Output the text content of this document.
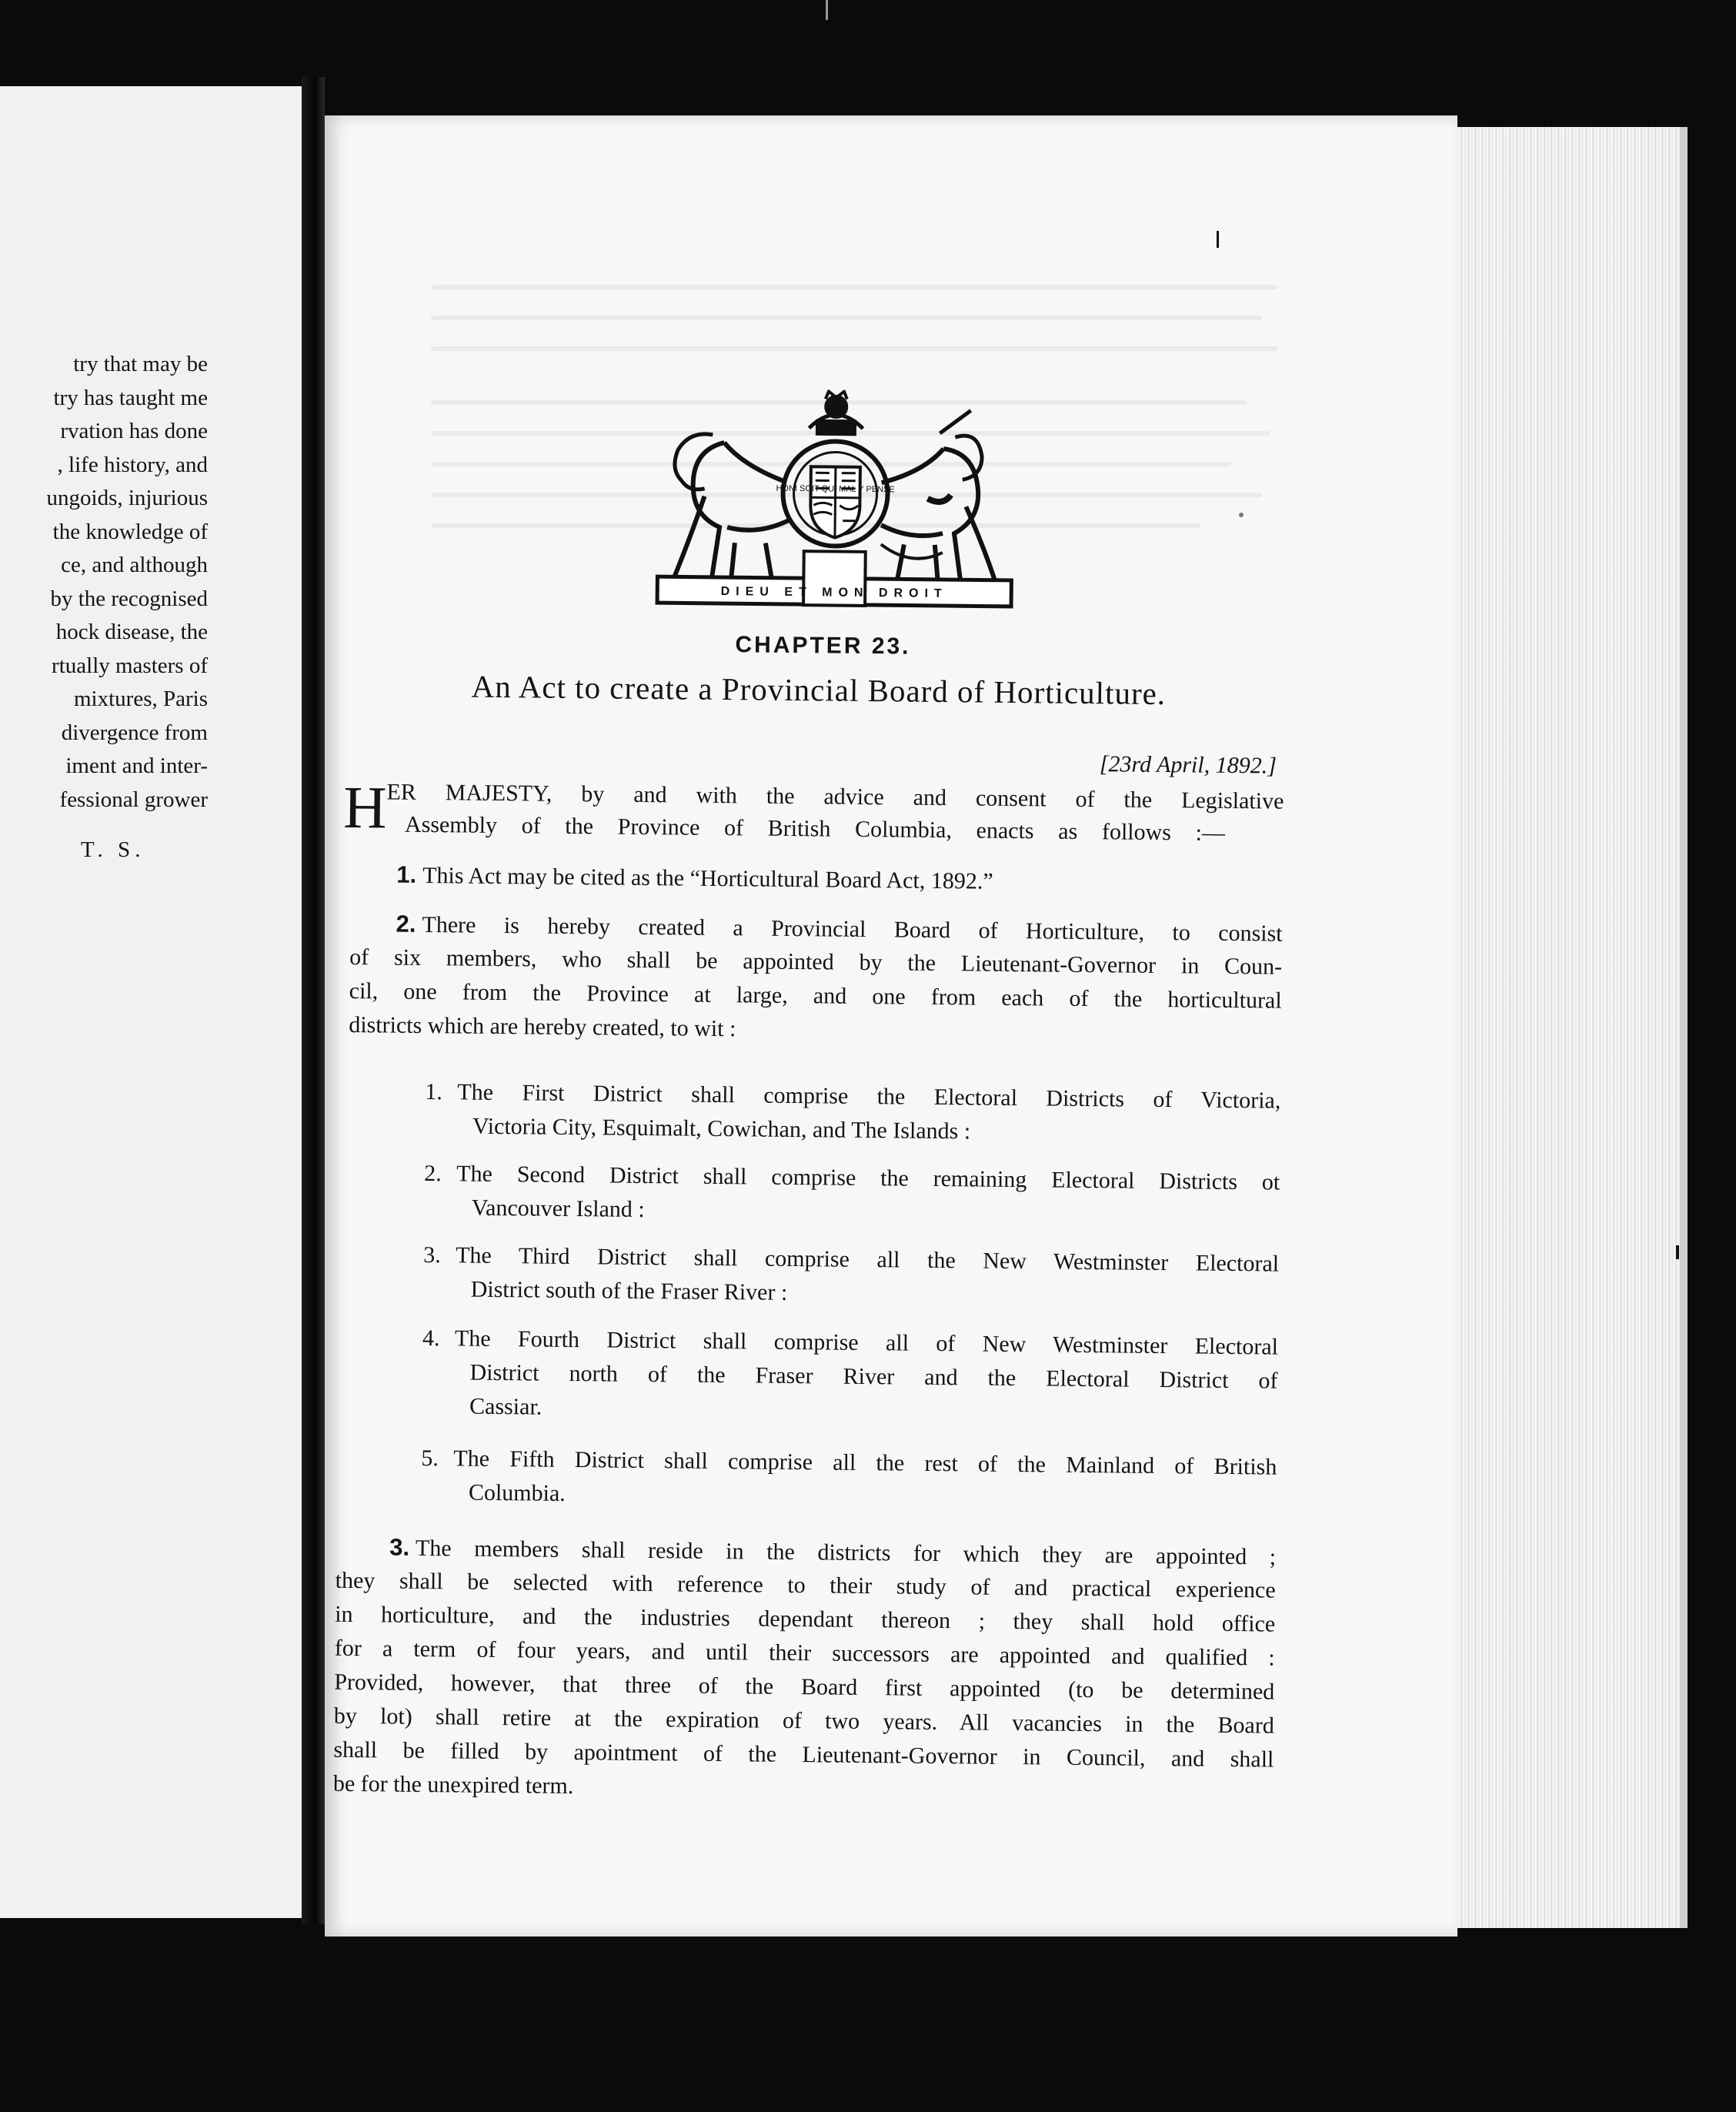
try that may be
try has taught me
rvation has done
, life history, and
ungoids, injurious
the knowledge of
ce, and although
by the recognised
hock disease, the
rtually masters of
mixtures, Paris
divergence from
iment and inter-
fessional grower
T. S.
HONI SOIT QUI MAL Y PENSE
DIEU ET MON DROIT
CHAPTER 23.
An Act to create a Provincial Board of Horticulture.
[23rd April, 1892.]
H ER MAJESTY, by and with the advice and consent of the Legislative
Assembly of the Province of British Columbia, enacts as follows :—
1. This Act may be cited as the “Horticultural Board Act, 1892.”
2. There is hereby created a Provincial Board of Horticulture, to consist
of six members, who shall be appointed by the Lieutenant-Governor in Coun-
cil, one from the Province at large, and one from each of the horticultural
districts which are hereby created, to wit :
1. The First District shall comprise the Electoral Districts of Victoria,
Victoria City, Esquimalt, Cowichan, and The Islands :
2. The Second District shall comprise the remaining Electoral Districts ot
Vancouver Island :
3. The Third District shall comprise all the New Westminster Electoral
District south of the Fraser River :
4. The Fourth District shall comprise all of New Westminster Electoral
District north of the Fraser River and the Electoral District of
Cassiar.
5. The Fifth District shall comprise all the rest of the Mainland of British
Columbia.
3. The members shall reside in the districts for which they are appointed ;
they shall be selected with reference to their study of and practical experience
in horticulture, and the industries dependant thereon ; they shall hold office
for a term of four years, and until their successors are appointed and qualified :
Provided, however, that three of the Board first appointed (to be determined
by lot) shall retire at the expiration of two years. All vacancies in the Board
shall be filled by apointment of the Lieutenant-Governor in Council, and shall
be for the unexpired term.
